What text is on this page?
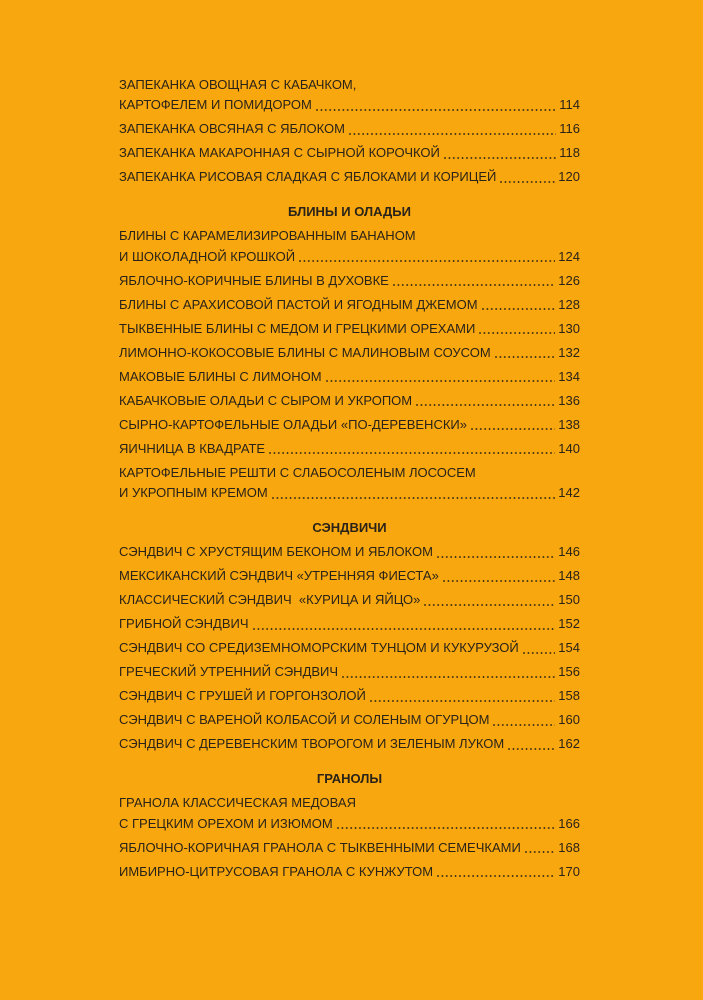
ЗАПЕКАНКА ОВОЩНАЯ С КАБАЧКОМ,
КАРТОФЕЛЕМ И ПОМИДОРОМ	114
ЗАПЕКАНКА ОВСЯНАЯ С ЯБЛОКОМ	116
ЗАПЕКАНКА МАКАРОННАЯ С СЫРНОЙ КОРОЧКОЙ	118
ЗАПЕКАНКА РИСОВАЯ СЛАДКАЯ С ЯБЛОКАМИ И КОРИЦЕЙ	120
БЛИНЫ И ОЛАДЬИ
БЛИНЫ С КАРАМЕЛИЗИРОВАННЫМ БАНАНОМ
И ШОКОЛАДНОЙ КРОШКОЙ	124
ЯБЛОЧНО-КОРИЧНЫЕ БЛИНЫ В ДУХОВКЕ	126
БЛИНЫ С АРАХИСОВОЙ ПАСТОЙ И ЯГОДНЫМ ДЖЕМОМ	128
ТЫКВЕННЫЕ БЛИНЫ С МЕДОМ И ГРЕЦКИМИ ОРЕХАМИ	130
ЛИМОННО-КОКОСОВЫЕ БЛИНЫ С МАЛИНОВЫМ СОУСОМ	132
МАКОВЫЕ БЛИНЫ С ЛИМОНОМ	134
КАБАЧКОВЫЕ ОЛАДЬИ С СЫРОМ И УКРОПОМ	136
СЫРНО-КАРТОФЕЛЬНЫЕ ОЛАДЬИ «ПО-ДЕРЕВЕНСКИ»	138
ЯИЧНИЦА В КВАДРАТЕ	140
КАРТОФЕЛЬНЫЕ РЕШТИ С СЛАБОСОЛЕНЫМ ЛОСОСЕМ
И УКРОПНЫМ КРЕМОМ	142
СЭНДВИЧИ
СЭНДВИЧ С ХРУСТЯЩИМ БЕКОНОМ И ЯБЛОКОМ	146
МЕКСИКАНСКИЙ СЭНДВИЧ «УТРЕННЯЯ ФИЕСТА»	148
КЛАССИЧЕСКИЙ СЭНДВИЧ  «КУРИЦА И ЯЙЦО»	150
ГРИБНОЙ СЭНДВИЧ	152
СЭНДВИЧ СО СРЕДИЗЕМНОМОРСКИМ ТУНЦОМ И КУКУРУЗОЙ	154
ГРЕЧЕСКИЙ УТРЕННИЙ СЭНДВИЧ	156
СЭНДВИЧ С ГРУШЕЙ И ГОРГОНЗОЛОЙ	158
СЭНДВИЧ С ВАРЕНОЙ КОЛБАСОЙ И СОЛЕНЫМ ОГУРЦОМ	160
СЭНДВИЧ С ДЕРЕВЕНСКИМ ТВОРОГОМ И ЗЕЛЕНЫМ ЛУКОМ	162
ГРАНОЛЫ
ГРАНОЛА КЛАССИЧЕСКАЯ МЕДОВАЯ
С ГРЕЦКИМ ОРЕХОМ И ИЗЮМОМ	166
ЯБЛОЧНО-КОРИЧНАЯ ГРАНОЛА С ТЫКВЕННЫМИ СЕМЕЧКАМИ	168
ИМБИРНО-ЦИТРУСОВАЯ ГРАНОЛА С КУНЖУТОМ	170
